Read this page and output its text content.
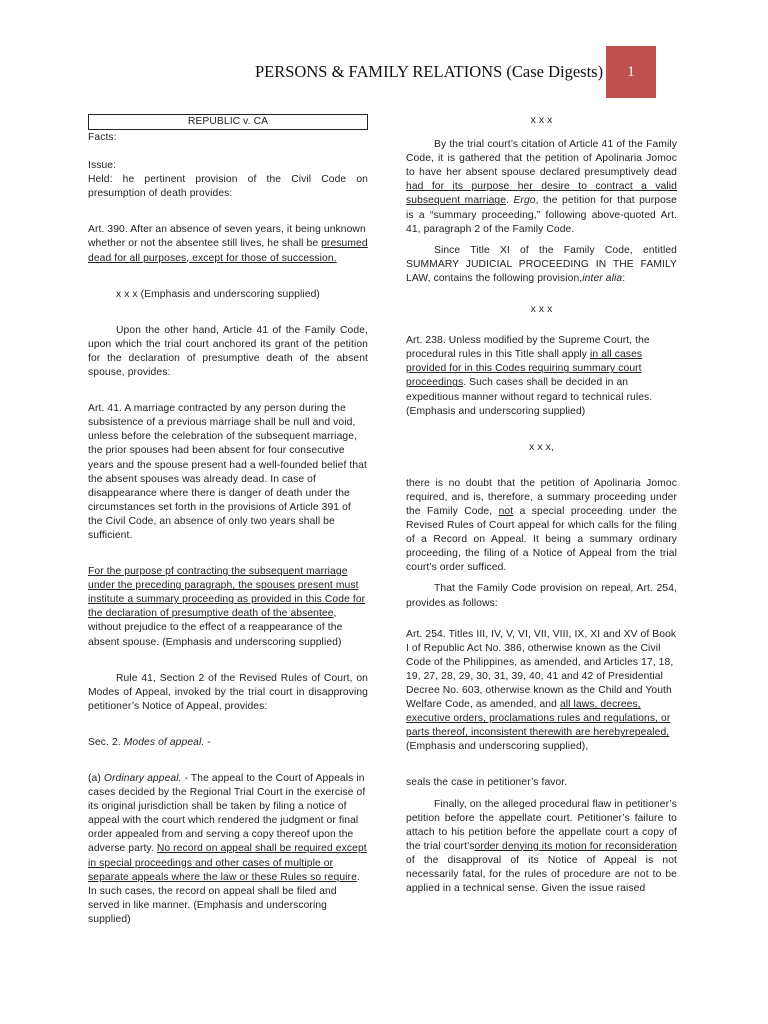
PERSONS & FAMILY RELATIONS (Case Digests) 1
REPUBLIC v. CA

Facts:

Issue:

Held: he pertinent provision of the Civil Code on presumption of death provides:

Art. 390. After an absence of seven years, it being unknown whether or not the absentee still lives, he shall be presumed dead for all purposes, except for those of succession.

x x x (Emphasis and underscoring supplied)

Upon the other hand, Article 41 of the Family Code, upon which the trial court anchored its grant of the petition for the declaration of presumptive death of the absent spouse, provides:

Art. 41. A marriage contracted by any person during the subsistence of a previous marriage shall be null and void, unless before the celebration of the subsequent marriage, the prior spouses had been absent for four consecutive years and the spouse present had a well-founded belief that the absent spouses was already dead. In case of disappearance where there is danger of death under the circumstances set forth in the provisions of Article 391 of the Civil Code, an absence of only two years shall be sufficient.

For the purpose pf contracting the subsequent marriage under the preceding paragraph, the spouses present must institute a summary proceeding as provided in this Code for the declaration of presumptive death of the absentee, without prejudice to the effect of a reappearance of the absent spouse. (Emphasis and underscoring supplied)

Rule 41, Section 2 of the Revised Rules of Court, on Modes of Appeal, invoked by the trial court in disapproving petitioner’s Notice of Appeal, provides:

Sec. 2. Modes of appeal. -

(a) Ordinary appeal. - The appeal to the Court of Appeals in cases decided by the Regional Trial Court in the exercise of its original jurisdiction shall be taken by filing a notice of appeal with the court which rendered the judgment or final order appealed from and serving a copy thereof upon the adverse party. No record on appeal shall be required except in special proceedings and other cases of multiple or separate appeals where the law or these Rules so require. In such cases, the record on appeal shall be filed and served in like manner. (Emphasis and underscoring supplied)

x x x

By the trial court’s citation of Article 41 of the Family Code, it is gathered that the petition of Apolinaria Jomoc to have her absent spouse declared presumptively dead had for its purpose her desire to contract a valid subsequent marriage. Ergo, the petition for that purpose is a “summary proceeding,” following above-quoted Art. 41, paragraph 2 of the Family Code.

Since Title XI of the Family Code, entitled SUMMARY JUDICIAL PROCEEDING IN THE FAMILY LAW, contains the following provision,inter alia:

x x x

Art. 238. Unless modified by the Supreme Court, the procedural rules in this Title shall apply in all cases provided for in this Codes requiring summary court proceedings. Such cases shall be decided in an expeditious manner without regard to technical rules. (Emphasis and underscoring supplied)

x x x,

there is no doubt that the petition of Apolinaria Jomoc required, and is, therefore, a summary proceeding under the Family Code, not a special proceeding under the Revised Rules of Court appeal for which calls for the filing of a Record on Appeal. It being a summary ordinary proceeding, the filing of a Notice of Appeal from the trial court’s order sufficed.

That the Family Code provision on repeal, Art. 254, provides as follows:

Art. 254. Titles III, IV, V, VI, VII, VIII, IX, XI and XV of Book I of Republic Act No. 386, otherwise known as the Civil Code of the Philippines, as amended, and Articles 17, 18, 19, 27, 28, 29, 30, 31, 39, 40, 41 and 42 of Presidential Decree No. 603, otherwise known as the Child and Youth Welfare Code, as amended, and all laws, decrees, executive orders, proclamations rules and regulations, or parts thereof, inconsistent therewith are herebyrepealed, (Emphasis and underscoring supplied),

seals the case in petitioner’s favor.

Finally, on the alleged procedural flaw in petitioner’s petition before the appellate court. Petitioner’s failure to attach to his petition before the appellate court a copy of the trial court’sorder denying its motion for reconsideration of the disapproval of its Notice of Appeal is not necessarily fatal, for the rules of procedure are not to be applied in a technical sense. Given the issue raised
